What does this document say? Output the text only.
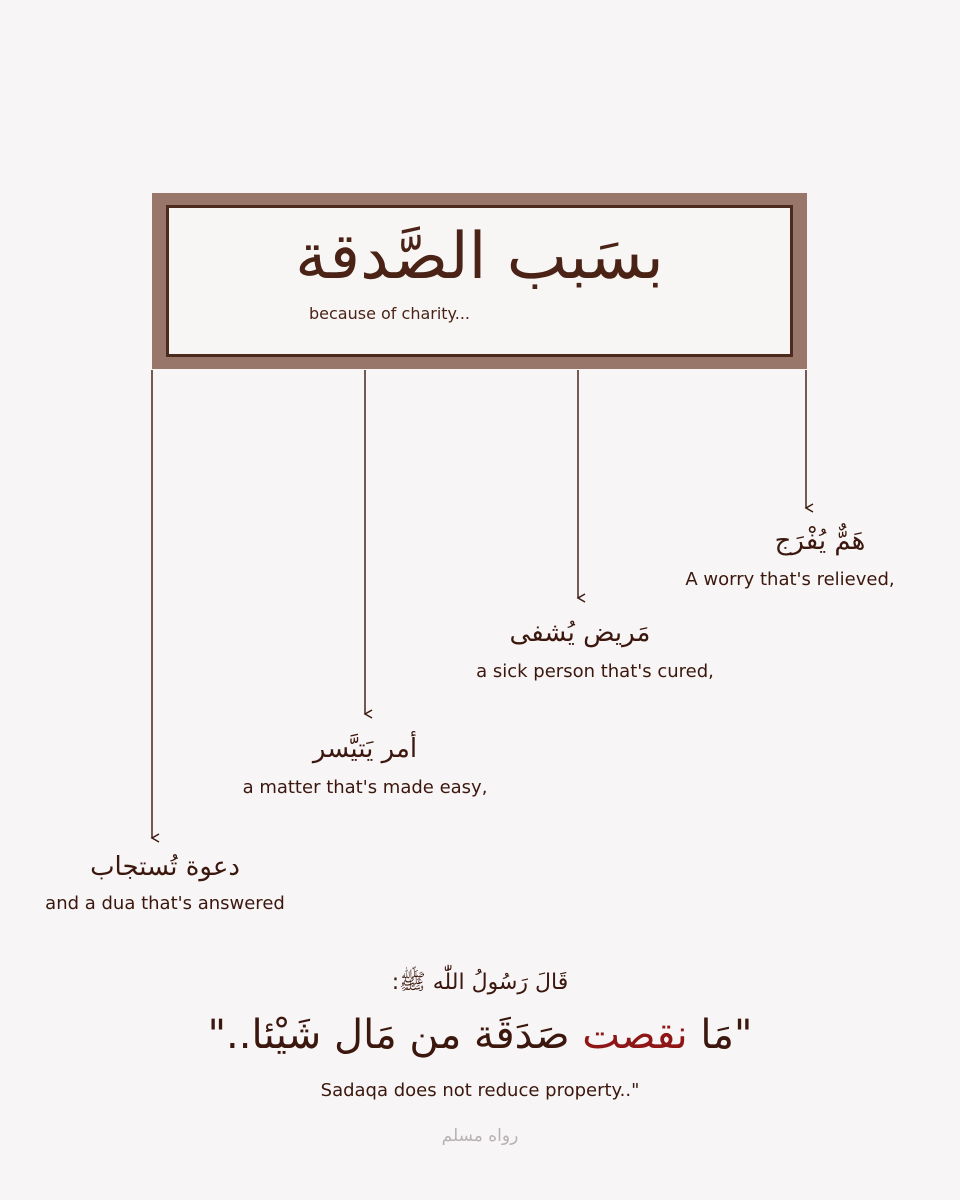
بسَبب الصَّدقة
because of charity...
هَمٌّ يُفْرَج
A worry that's relieved,
مَريض يُشفى
a sick person that's cured,
أمر يَتيَّسر
a matter that's made easy,
دعوة تُستجاب
and a dua that's answered
قَالَ رَسُولُ اللّٰه ﷺ:
"مَا نقصت صَدَقَة من مَال شَيْئا.."
Sadaqa does not reduce property.."
رواه مسلم
